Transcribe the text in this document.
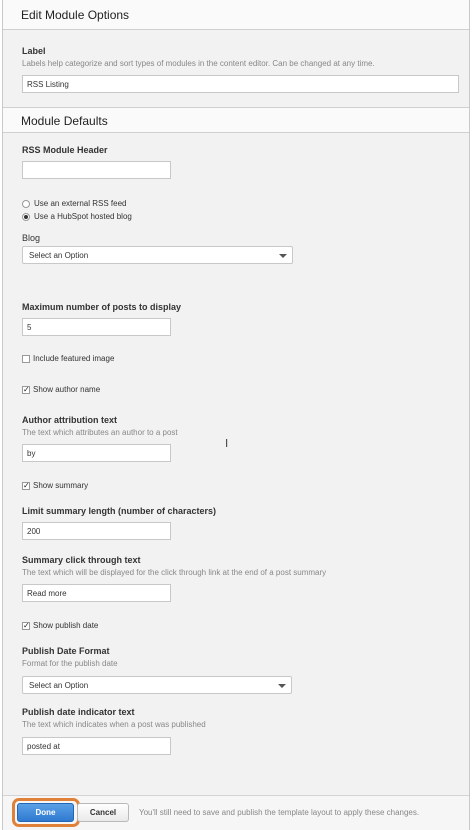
Edit Module Options
Label
Labels help categorize and sort types of modules in the content editor. Can be changed at any time.
RSS Listing
Module Defaults
RSS Module Header
Use an external RSS feed
Use a HubSpot hosted blog
Blog
Select an Option
Maximum number of posts to display
5
Include featured image
✓ Show author name
Author attribution text
The text which attributes an author to a post
by
✓ Show summary
Limit summary length (number of characters)
200
Summary click through text
The text which will be displayed for the click through link at the end of a post summary
Read more
✓ Show publish date
Publish Date Format
Format for the publish date
Select an Option
Publish date indicator text
The text which indicates when a post was published
posted at
I
Done	Cancel	You'll still need to save and publish the template layout to apply these changes.
